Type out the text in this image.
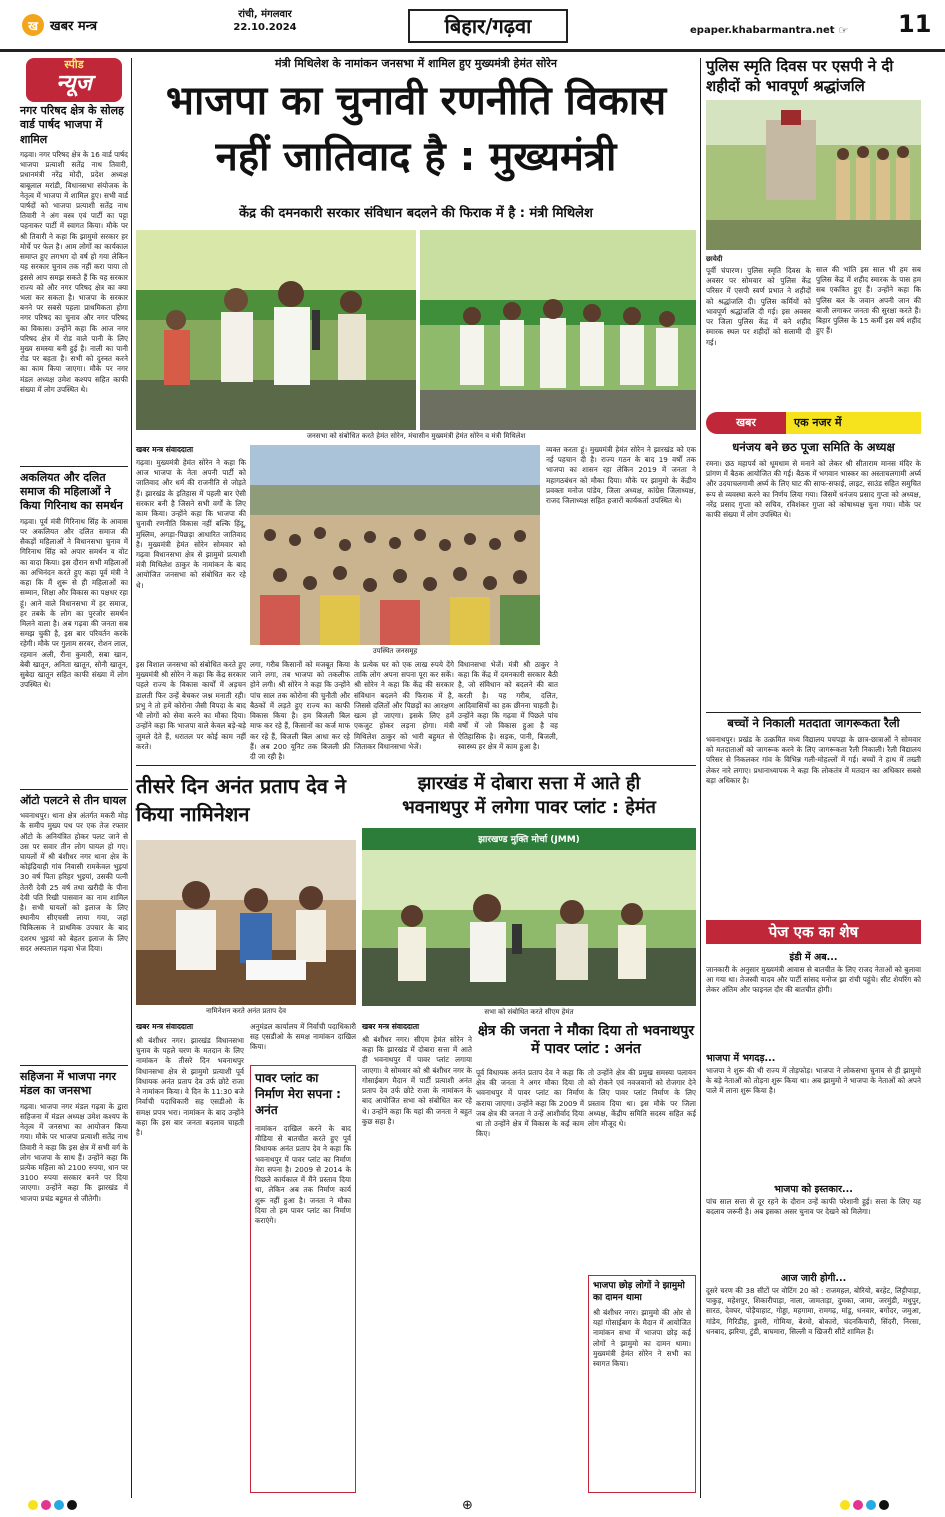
ख खबर मन्त्र
रांची, मंगलवार
22.10.2024	बिहार/गढ़वा	epaper.khabarmantra.net ☞ 11
स्पीड
न्यूज
नगर परिषद क्षेत्र के सोलह वार्ड पार्षद भाजपा में शामिल
गढ़वा। नगर परिषद क्षेत्र के 16 वार्ड पार्षद भाजपा प्रत्याशी सतेंद्र नाथ तिवारी, प्रधानमंत्री नरेंद्र मोदी, प्रदेश अध्यक्ष बाबूलाल मरांडी, विधानसभा संयोजक के नेतृत्व में भाजपा में शामिल हुए। सभी वार्ड पार्षदों को भाजपा प्रत्याशी सतेंद्र नाथ तिवारी ने अंग वस्त्र एवं पार्टी का पट्टा पहनाकर पार्टी में स्वागत किया। मौके पर श्री तिवारी ने कहा कि झामुमो सरकार हर मोर्चे पर फेल है। आम लोगों का कार्यकाल समाप्त हुए लगभग दो वर्ष हो गया लेकिन यह सरकार चुनाव तक नहीं करा पाया तो इससे आप समझ सकते हैं कि यह सरकार राज्य को और नगर परिषद क्षेत्र का क्या भला कर सकता है। भाजपा के सरकार बनने पर सबसे पहला प्राथमिकता होगा नगर परिषद का चुनाव और नगर परिषद का विकास। उन्होंने कहा कि आज नगर परिषद क्षेत्र में रोड वाले पानी के लिए मुख्य समस्या बनी हुई है। नाली का पानी रोड पर बहता है। सभी को दुरुस्त करने का काम किया जाएगा। मौके पर नगर मंडल अध्यक्ष उमेश कश्यप सहित काफी संख्या में लोग उपस्थित थे।
अकलियत और दलित समाज की महिलाओं ने किया गिरिनाथ का समर्थन
गढ़वा। पूर्व मंत्री गिरिनाथ सिंह के आवास पर अकलियत और दलित समाज की सैकड़ों महिलाओं ने विधानसभा चुनाव में गिरिनाथ सिंह को अपार समर्थन व वोट का वादा किया। इस दौरान सभी महिलाओं का अभिनंदन करते हुए कहा पूर्व मंत्री ने कहा कि मैं शुरू से ही महिलाओं का सम्मान, शिक्षा और विकास का पक्षधर रहा हूं। आने वाले विधानसभा में हर समाज, हर तबके के लोग का पुरजोर समर्थन मिलने वाला है। अब गढ़वा की जनता सब समझ चुकी है, इस बार परिवर्तन करके रहेगी। मौके पर गुलाम सरवर, रोशन लाल, रहमान अली, रीना कुमारी, सबा खान, बेबी खातून, अनिता खातून, सोनी खातून, सुबेदा खातून सहित काफी संख्या में लोग उपस्थित थे।
ऑटो पलटने से तीन घायल
भवनाथपुर। थाना क्षेत्र अंतर्गत मकरी मोड़ के समीप मुख्य पथ पर एक तेज रफ्तार ऑटो के अनियंत्रित होकर पलट जाने से उस पर सवार तीन लोग घायल हो गए। घायलों में श्री बंशीधर नगर थाना क्षेत्र के कोइंद्रियाही गांव निवासी रामकेवल भुइयां 30 वर्ष पिता हरिहर भुइयां, उसकी पत्नी तेतरी देवी 25 वर्ष तथा खरीदी के पीना देवी पति रिखी पासवान का नाम शामिल है। सभी घायलों को इलाज के लिए स्थानीय सीएचसी लाया गया, जहां चिकित्सक ने प्राथमिक उपचार के बाद दशरथ भुइयां को बेहतर इलाज के लिए सदर अस्पताल गढ़वा भेज दिया।
सहिजना में भाजपा नगर मंडल का जनसभा
गढ़वा। भाजपा नगर मंडल गढ़वा के द्वारा सहिजना में मंडल अध्यक्ष उमेश कश्यप के नेतृत्व में जनसभा का आयोजन किया गया। मौके पर भाजपा प्रत्याशी सतेंद्र नाथ तिवारी ने कहा कि इस क्षेत्र में सभी वर्ग के लोग भाजपा के साथ हैं। उन्होंने कहा कि प्रत्येक महिला को 2100 रुपया, धान पर 3100 रुपया सरकार बनने पर दिया जाएगा। उन्होंने कहा कि झारखंड में भाजपा प्रचंड बहुमत से जीतेगी।
मंत्री मिथिलेश के नामांकन जनसभा में शामिल हुए मुख्यमंत्री हेमंत सोरेन
भाजपा का चुनावी रणनीति विकास
नहीं जातिवाद है : मुख्यमंत्री
केंद्र की दमनकारी सरकार संविधान बदलने की फिराक में है : मंत्री मिथिलेश
जनसभा को संबोधित करते हेमंत सोरेन, मंचासीन मुख्यमंत्री हेमंत सोरेन व मंत्री मिथिलेश
खबर मन्त्र संवाददाता
गढ़वा। मुख्यमंत्री हेमंत सोरेन ने कहा कि आज भाजपा के नेता अपनी पार्टी को जातिवाद और धर्म की राजनीति से जोड़ते हैं। झारखंड के इतिहास में पहली बार ऐसी सरकार बनी है जिसने सभी वर्गों के लिए काम किया। उन्होंने कहा कि भाजपा की चुनावी रणनीति विकास नहीं बल्कि हिंदू, मुस्लिम, अगड़ा-पिछड़ा आधारित जातिवाद है। मुख्यमंत्री हेमंत सोरेन सोमवार को गढ़वा विधानसभा क्षेत्र से झामुमो प्रत्याशी मंत्री मिथिलेश ठाकुर के नामांकन के बाद आयोजित जनसभा को संबोधित कर रहे थे।
उपस्थित जनसमूह
व्यक्त करता हूं। मुख्यमंत्री हेमंत सोरेन ने झारखंड को एक नई पहचान दी है। राज्य गठन के बाद 19 वर्षों तक भाजपा का शासन रहा लेकिन 2019 में जनता ने महागठबंधन को मौका दिया। मौके पर झामुमो के केंद्रीय प्रवक्ता मनोज पांडेय, जिला अध्यक्ष, कांग्रेस जिलाध्यक्ष, राजद जिलाध्यक्ष सहित हजारों कार्यकर्ता उपस्थित थे।
इस विशाल जनसभा को संबोधित करते हुए मुख्यमंत्री श्री सोरेन ने कहा कि केंद्र सरकार पहले राज्य के विकास कार्यों में अड़चन डालती फिर उन्हें बेचकर जश्न मनाती रही। प्रभु ने तो हमें कोरोना जैसी विपदा के बाद भी लोगों को सेवा करने का मौका दिया। उन्होंने कहा कि भाजपा वाले केवल बड़े-बड़े जुमले देते हैं, धरातल पर कोई काम नहीं करते।
लगा, गरीब किसानों को मजबूत किया जाने लगा, तब भाजपा को तकलीफ होने लगी। श्री सोरेन ने कहा कि उन्होंने पांच साल तक कोरोना की चुनौती और बैठकों में लड़ते हुए राज्य का काफी विकास किया है। हम बिजली बिल माफ कर रहे हैं, किसानों का कर्ज माफ कर रहे हैं, बिजली बिल आधा कर रहे हैं। अब 200 यूनिट तक बिजली फ्री दी जा रही है।
के प्रत्येक घर को एक लाख रुपये देंगे ताकि लोग अपना सपना पूरा कर सकें। श्री सोरेन ने कहा कि केंद्र की सरकार संविधान बदलने की फिराक में है, जिससे दलितों और पिछड़ों का आरक्षण खत्म हो जाएगा। इसके लिए हमें एकजुट होकर लड़ना होगा। मंत्री मिथिलेश ठाकुर को भारी बहुमत से जिताकर विधानसभा भेजें।
विधानसभा भेजें। मंत्री श्री ठाकुर ने कहा कि केंद्र में दमनकारी सरकार बैठी है, जो संविधान को बदलने की बात करती है। यह गरीब, दलित, आदिवासियों का हक छीनना चाहती है। उन्होंने कहा कि गढ़वा में पिछले पांच वर्षों में जो विकास हुआ है वह ऐतिहासिक है। सड़क, पानी, बिजली, स्वास्थ्य हर क्षेत्र में काम हुआ है।
तीसरे दिन अनंत प्रताप देव ने किया नामिनेशन
नामिनेशन करते अनंत प्रताप देव
खबर मन्त्र संवाददाता
श्री बंशीधर नगर। झारखंड विधानसभा चुनाव के पहले चरण के मतदान के लिए नामांकन के तीसरे दिन भवनाथपुर विधानसभा क्षेत्र से झामुमो प्रत्याशी पूर्व विधायक अनंत प्रताप देव उर्फ छोटे राजा ने नामांकन किया। वे दिन के 11:30 बजे निर्वाची पदाधिकारी सह एसडीओ के समक्ष प्रपत्र भरा। नामांकन के बाद उन्होंने कहा कि इस बार जनता बदलाव चाहती है।
अनुमंडल कार्यालय में निर्वाची पदाधिकारी सह एसडीओ के समक्ष नामांकन दाखिल किया।
पावर प्लांट का निर्माण मेरा सपना : अनंत
नामांकन दाखिल करने के बाद मीडिया से बातचीत करते हुए पूर्व विधायक अनंत प्रताप देव ने कहा कि भवनाथपुर में पावर प्लांट का निर्माण मेरा सपना है। 2009 से 2014 के पिछले कार्यकाल में मैंने प्रस्ताव दिया था, लेकिन अब तक निर्माण कार्य शुरू नहीं हुआ है। जनता ने मौका दिया तो हम पावर प्लांट का निर्माण कराएंगे।
झारखंड में दोबारा सत्ता में आते ही
भवनाथपुर में लगेगा पावर प्लांट : हेमंत
झारखण्ड मुक्ति मोर्चा (JMM)
सभा को संबोधित करते सीएम हेमंत
खबर मन्त्र संवाददाता
श्री बंशीधर नगर। सीएम हेमंत सोरेन ने कहा कि झारखंड में दोबारा सत्ता में आते ही भवनाथपुर में पावर प्लांट लगाया जाएगा। वे सोमवार को श्री बंशीधर नगर के गोसाईबाग मैदान में पार्टी प्रत्याशी अनंत प्रताप देव उर्फ छोटे राजा के नामांकन के बाद आयोजित सभा को संबोधित कर रहे थे। उन्होंने कहा कि यहां की जनता ने बहुत कुछ सहा है।
क्षेत्र की जनता ने मौका दिया तो भवनाथपुर में पावर प्लांट : अनंत
पूर्व विधायक अनंत प्रताप देव ने कहा कि क्षेत्र की जनता ने अगर मौका दिया तो भवनाथपुर में पावर प्लांट का निर्माण कराया जाएगा। उन्होंने कहा कि 2009 में जब क्षेत्र की जनता ने उन्हें आशीर्वाद दिया था तो उन्होंने क्षेत्र में विकास के कई काम किए।
तो उन्होंने क्षेत्र की प्रमुख समस्या पलायन को रोकने एवं नवजवानों को रोजगार देने के लिए पावर प्लांट निर्माण के लिए प्रस्ताव दिया था। इस मौके पर जिला अध्यक्ष, केंद्रीय समिति सदस्य सहित कई लोग मौजूद थे।
भाजपा छोड़ लोगों ने झामुमो का दामन थामा
श्री बंशीधर नगर। झामुमो की ओर से यहां गोसाईबाग के मैदान में आयोजित नामांकन सभा में भाजपा छोड़ कई लोगों ने झामुमो का दामन थामा। मुख्यमंत्री हेमंत सोरेन ने सभी का स्वागत किया।
पुलिस स्मृति दिवस पर एसपी ने दी शहीदों को भावपूर्ण श्रद्धांजलि
छायेदी
पूर्वी चंपारण। पुलिस स्मृति दिवस के अवसर पर सोमवार को पुलिस केंद्र परिसर में एसपी स्वर्ण प्रभात ने शहीदों को श्रद्धांजलि दी। पुलिस कर्मियों को भावपूर्ण श्रद्धांजलि दी गई। इस अवसर पर जिला पुलिस केंद्र में बने शहीद स्मारक स्थल पर शहीदों को सलामी दी गई।
साल की भांति इस साल भी हम सब पुलिस केंद्र में शहीद स्मारक के पास हम सब एकत्रित हुए हैं। उन्होंने कहा कि पुलिस बल के जवान अपनी जान की बाजी लगाकर जनता की सुरक्षा करते हैं। बिहार पुलिस के 15 कर्मी इस वर्ष शहीद हुए हैं।
खबर	एक नजर में
धनंजय बने छठ पूजा समिति के अध्यक्ष
रमना। छठ महापर्व को धूमधाम से मनाने को लेकर श्री सीताराम मानस मंदिर के प्रांगण में बैठक आयोजित की गई। बैठक में भगवान भास्कर का अस्ताचलगामी अर्घ्य और उदयाचलगामी अर्घ्य के लिए घाट की साफ-सफाई, लाइट, साउंड सहित समुचित रूप से व्यवस्था करने का निर्णय लिया गया। जिसमें धनंजय प्रसाद गुप्ता को अध्यक्ष, नरेंद्र प्रसाद गुप्ता को सचिव, रविशंकर गुप्ता को कोषाध्यक्ष चुना गया। मौके पर काफी संख्या में लोग उपस्थित थे।
बच्चों ने निकाली मतदाता जागरूकता रैली
भवनाथपुर। प्रखंड के उत्क्रमित मध्य विद्यालय पचपड़ा के छात्र-छात्राओं ने सोमवार को मतदाताओं को जागरूक करने के लिए जागरूकता रैली निकाली। रैली विद्यालय परिसर से निकलकर गांव के विभिन्न गली-मोहल्लों में गई। बच्चों ने हाथ में तख्ती लेकर नारे लगाए। प्रधानाध्यापक ने कहा कि लोकतंत्र में मतदान का अधिकार सबसे बड़ा अधिकार है।
पेज एक का शेष
इंडी में अब...
जानकारी के अनुसार मुख्यमंत्री आवास से बातचीत के लिए राजद नेताओं को बुलावा आ गया था। तेजस्वी यादव और पार्टी सांसद मनोज झा रांची पहुंचे। सीट शेयरिंग को लेकर अंतिम और फाइनल दौर की बातचीत होगी।
भाजपा में भगदड़...
भाजपा ने शुरू की थी राज्य में तोड़फोड़। भाजपा ने लोकसभा चुनाव से ही झामुमो के बड़े नेताओं को तोड़ना शुरू किया था। अब झामुमो ने भाजपा के नेताओं को अपने पाले में लाना शुरू किया है।
भाजपा को इस्तकार...
पांच साल सत्ता से दूर रहने के दौरान उन्हें काफी परेशानी हुई। सत्ता के लिए यह बदलाव जरूरी है। अब इसका असर चुनाव पर देखने को मिलेगा।
आज जारी होगी...
दूसरे चरण की 38 सीटों पर वोटिंग 20 को : राजमहल, बोरियो, बरहेट, लिट्टीपाड़ा, पाकुड़, महेशपुर, शिकारीपाड़ा, नाला, जामताड़ा, दुमका, जामा, जरमुंडी, मधुपुर, सारठ, देवघर, पोड़ैयाहाट, गोड्डा, महगामा, रामगढ़, मांडू, धनवार, बगोदर, जमुआ, गांडेय, गिरिडीह, डुमरी, गोमिया, बेरमो, बोकारो, चंदनकियारी, सिंदरी, निरसा, धनबाद, झरिया, टुंडी, बाघमारा, सिल्ली व खिजरी सीटें शामिल हैं।
⊕
